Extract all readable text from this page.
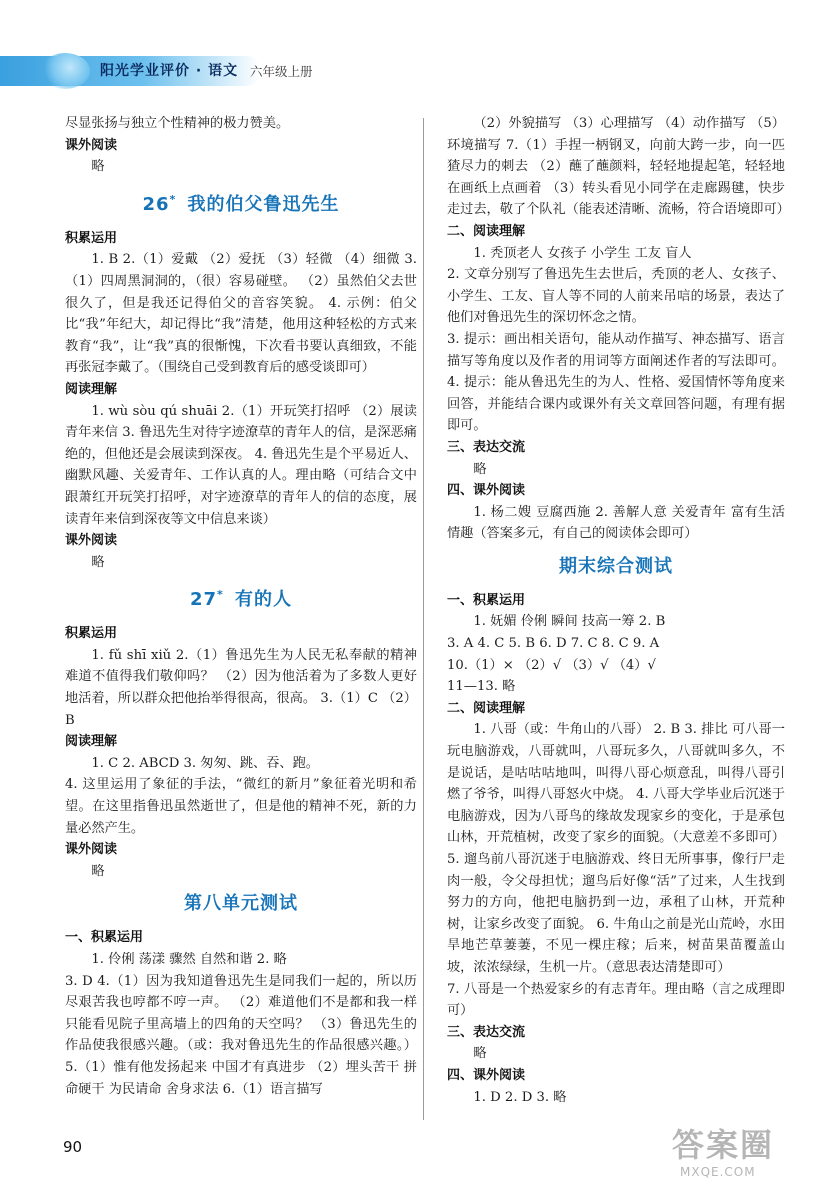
阳光学业评价 · 语文 六年级上册

尽显张扬与独立个性精神的极力赞美。

课外阅读

略

26* 我的伯父鲁迅先生

积累运用

1. B 2.（1）爱戴 （2）爱抚 （3）轻微 （4）细微 3.（1）四周黑洞洞的，（很）容易碰壁。 （2）虽然伯父去世很久了，但是我还记得伯父的音容笑貌。 4. 示例：伯父比“我”年纪大，却记得比“我”清楚，他用这种轻松的方式来教育“我”，让“我”真的很惭愧，下次看书要认真细致，不能再张冠李戴了。（围绕自己受到教育后的感受谈即可）

阅读理解

1. wù sòu qú shuāi 2.（1）开玩笑打招呼 （2）展读青年来信 3. 鲁迅先生对待字迹潦草的青年人的信，是深恶痛绝的，但他还是会展读到深夜。 4. 鲁迅先生是个平易近人、幽默风趣、关爱青年、工作认真的人。理由略（可结合文中跟萧红开玩笑打招呼，对字迹潦草的青年人的信的态度，展读青年来信到深夜等文中信息来谈）

课外阅读

略

27* 有的人

积累运用

1. fǔ shī xiǔ 2.（1）鲁迅先生为人民无私奉献的精神难道不值得我们敬仰吗？ （2）因为他活着为了多数人更好地活着，所以群众把他抬举得很高，很高。 3.（1）C （2）B

阅读理解

1. C 2. ABCD 3. 匆匆、跳、吞、跑。

4. 这里运用了象征的手法，“微红的新月”象征着光明和希望。在这里指鲁迅虽然逝世了，但是他的精神不死，新的力量必然产生。

课外阅读

略

第八单元测试

一、积累运用

1. 伶俐 荡漾 骤然 自然和谐 2. 略

3. D 4.（1）因为我知道鲁迅先生是同我们一起的，所以历尽艰苦我也哼都不哼一声。 （2）难道他们不是都和我一样只能看见院子里高墙上的四角的天空吗？ （3）鲁迅先生的作品使我很感兴趣。（或：我对鲁迅先生的作品很感兴趣。） 5.（1）惟有他发扬起来 中国才有真进步 （2）埋头苦干 拼命硬干 为民请命 舍身求法 6.（1）语言描写

（2）外貌描写 （3）心理描写 （4）动作描写 （5）环境描写 7.（1）手捏一柄钢叉，向前大跨一步，向一匹猹尽力的刺去 （2）蘸了蘸颜料，轻轻地提起笔，轻轻地在画纸上点画着 （3）转头看见小同学在走廊踢毽，快步走过去，敬了个队礼（能表述清晰、流畅，符合语境即可）

二、阅读理解

1. 秃顶老人 女孩子 小学生 工友 盲人

2. 文章分别写了鲁迅先生去世后，秃顶的老人、女孩子、小学生、工友、盲人等不同的人前来吊唁的场景，表达了他们对鲁迅先生的深切怀念之情。

3. 提示：画出相关语句，能从动作描写、神态描写、语言描写等角度以及作者的用词等方面阐述作者的写法即可。 4. 提示：能从鲁迅先生的为人、性格、爱国情怀等角度来回答，并能结合课内或课外有关文章回答问题，有理有据即可。

三、表达交流

略

四、课外阅读

1. 杨二嫂 豆腐西施 2. 善解人意 关爱青年 富有生活情趣（答案多元，有自己的阅读体会即可）

期末综合测试

一、积累运用

1. 妩媚 伶俐 瞬间 技高一筹 2. B

3. A 4. C 5. B 6. D 7. C 8. C 9. A

10.（1）× （2）√ （3）√ （4）√

11—13. 略

二、阅读理解

1. 八哥（或：牛角山的八哥） 2. B 3. 排比 可八哥一玩电脑游戏，八哥就叫，八哥玩多久，八哥就叫多久，不是说话，是咕咕咕地叫，叫得八哥心烦意乱，叫得八哥引燃了爷爷，叫得八哥怒火中烧。 4. 八哥大学毕业后沉迷于电脑游戏，因为八哥鸟的缘故发现家乡的变化，于是承包山林，开荒植树，改变了家乡的面貌。（大意差不多即可） 5. 遛鸟前八哥沉迷于电脑游戏、终日无所事事，像行尸走肉一般，令父母担忧；遛鸟后好像“活”了过来，人生找到努力的方向，他把电脑扔到一边，承租了山林，开荒种树，让家乡改变了面貌。 6. 牛角山之前是光山荒岭，水田旱地芒草萋萋，不见一棵庄稼；后来，树苗果苗覆盖山坡，浓浓绿绿，生机一片。（意思表达清楚即可）

7. 八哥是一个热爱家乡的有志青年。理由略（言之成理即可）

三、表达交流

略

四、课外阅读

1. D 2. D 3. 略

90	答案圈
MXQE.COM
